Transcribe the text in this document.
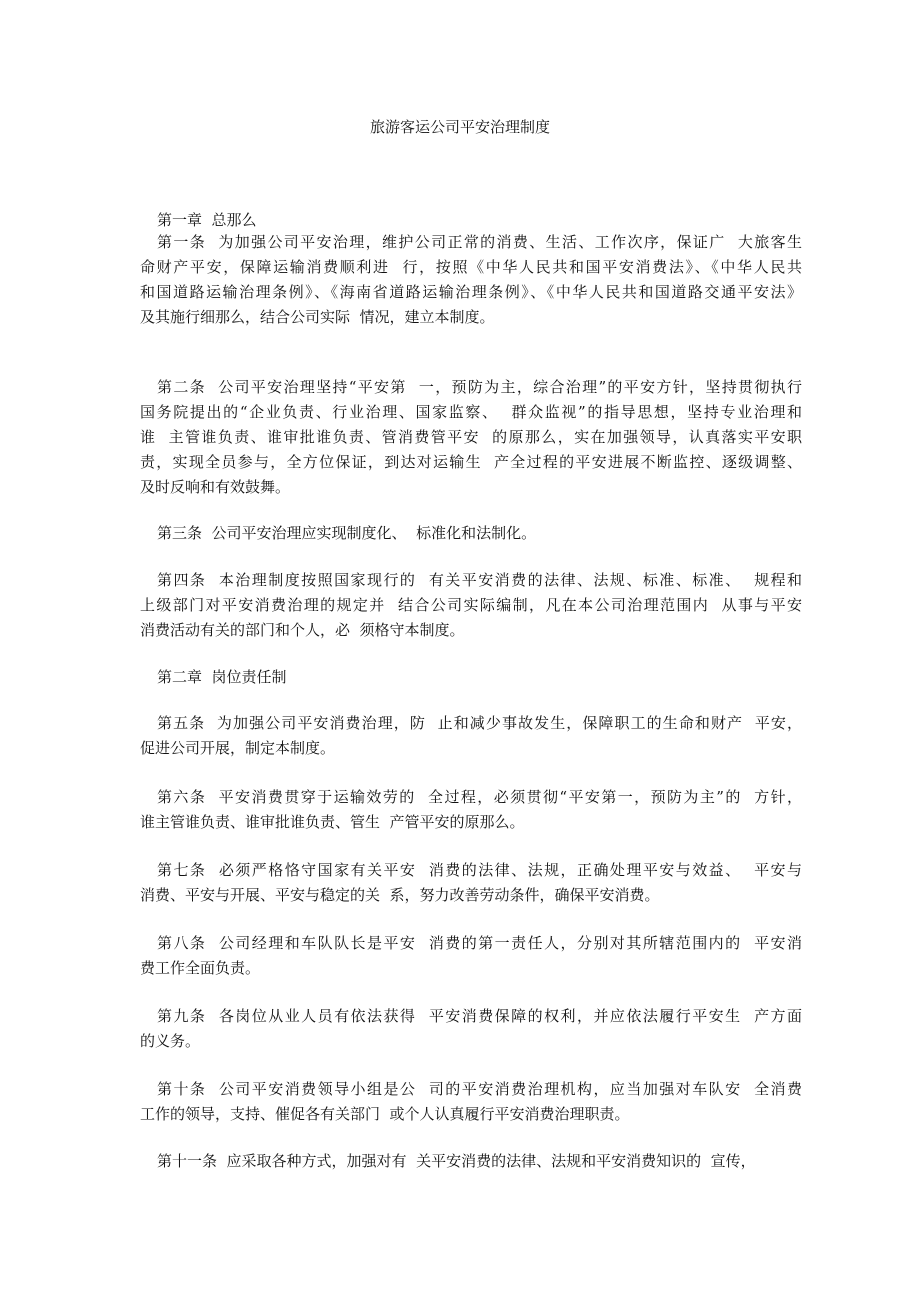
旅游客运公司平安治理制度
第一章  总那么
第一条  为加强公司平安治理，维护公司正常的消费、生活、工作次序，保证广  大旅客生
命财产平安，保障运输消费顺利进  行，按照《中华人民共和国平安消费法》、《中华人民共
和国道路运输治理条例》、《海南省道路运输治理条例》、《中华人民共和国道路交通平安法》
及其施行细那么，结合公司实际  情况，建立本制度。
第二条  公司平安治理坚持“平安第  一，预防为主，综合治理”的平安方针，坚持贯彻执行
国务院提出的“企业负责、行业治理、国家监察、  群众监视”的指导思想，坚持专业治理和
谁  主管谁负责、谁审批谁负责、管消费管平安  的原那么，实在加强领导，认真落实平安职
责，实现全员参与，全方位保证，到达对运输生  产全过程的平安进展不断监控、逐级调整、
及时反响和有效鼓舞。
第三条  公司平安治理应实现制度化、  标准化和法制化。
第四条  本治理制度按照国家现行的  有关平安消费的法律、法规、标准、标准、  规程和
上级部门对平安消费治理的规定并  结合公司实际编制，凡在本公司治理范围内  从事与平安
消费活动有关的部门和个人，必  须格守本制度。
第二章  岗位责任制
第五条  为加强公司平安消费治理，防  止和减少事故发生，保障职工的生命和财产  平安，
促进公司开展，制定本制度。
第六条  平安消费贯穿于运输效劳的  全过程，必须贯彻“平安第一，预防为主”的  方针，
谁主管谁负责、谁审批谁负责、管生  产管平安的原那么。
第七条  必须严格恪守国家有关平安  消费的法律、法规，正确处理平安与效益、  平安与
消费、平安与开展、平安与稳定的关  系，努力改善劳动条件，确保平安消费。
第八条  公司经理和车队队长是平安  消费的第一责任人，分别对其所辖范围内的  平安消
费工作全面负责。
第九条  各岗位从业人员有依法获得  平安消费保障的权利，并应依法履行平安生  产方面
的义务。
第十条  公司平安消费领导小组是公  司的平安消费治理机构，应当加强对车队安  全消费
工作的领导，支持、催促各有关部门  或个人认真履行平安消费治理职责。
第十一条  应采取各种方式，加强对有  关平安消费的法律、法规和平安消费知识的  宣传，
